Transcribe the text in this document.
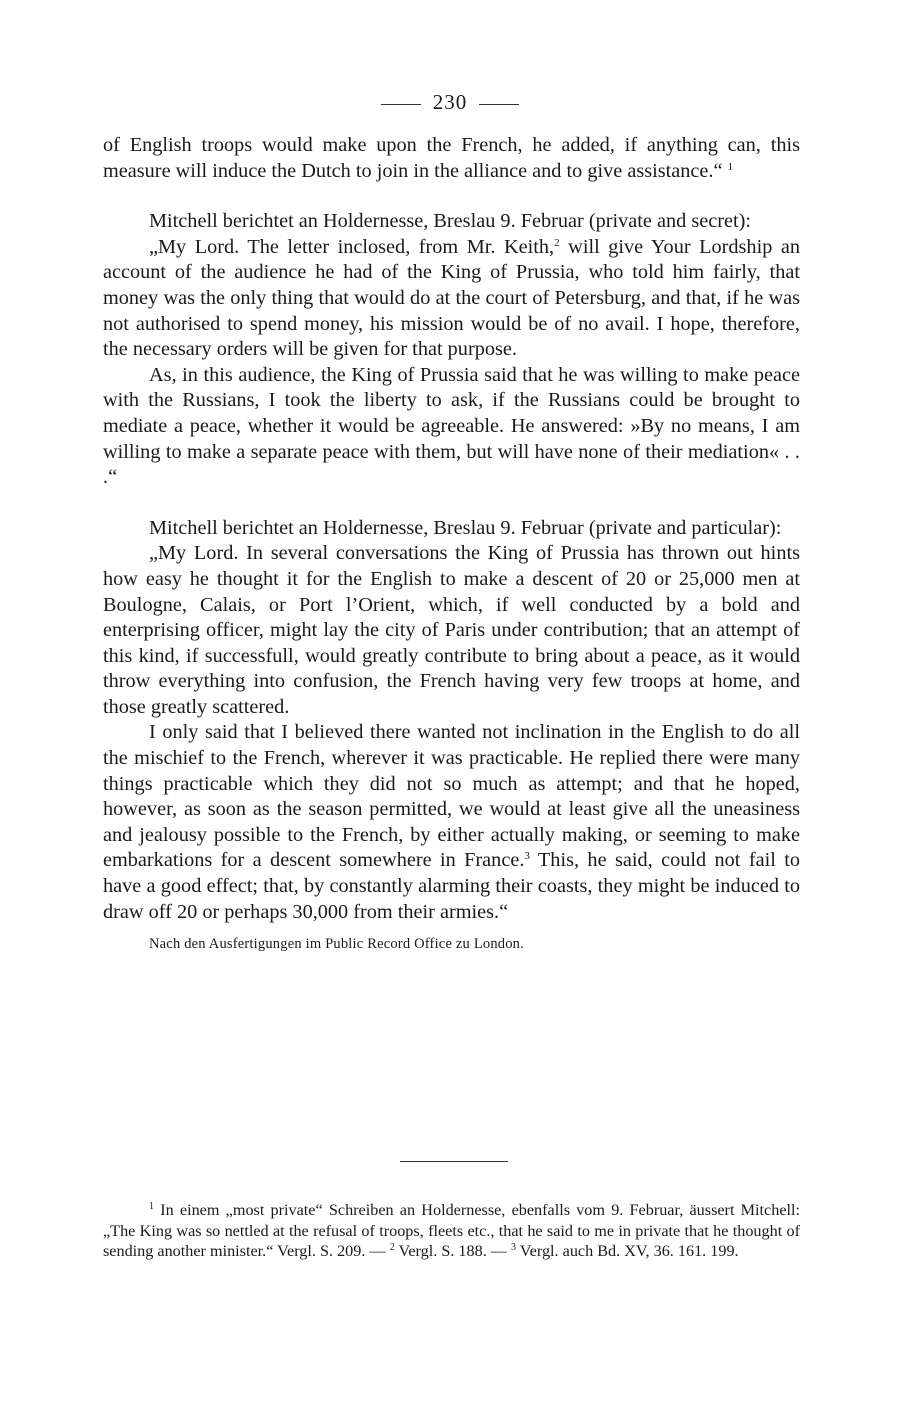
230

of English troops would make upon the French, he added, if anything can, this measure will induce the Dutch to join in the alliance and to give assistance.“ $^1$

Mitchell berichtet an Holdernesse, Breslau 9. Februar (private and secret):

„My Lord. The letter inclosed, from Mr. Keith,$^2$ will give Your Lordship an account of the audience he had of the King of Prussia, who told him fairly, that money was the only thing that would do at the court of Petersburg, and that, if he was not authorised to spend money, his mission would be of no avail. I hope, therefore, the necessary orders will be given for that purpose.

As, in this audience, the King of Prussia said that he was willing to make peace with the Russians, I took the liberty to ask, if the Russians could be brought to mediate a peace, whether it would be agreeable. He answered: »By no means, I am willing to make a separate peace with them, but will have none of their mediation« . . .“

Mitchell berichtet an Holdernesse, Breslau 9. Februar (private and particular):

„My Lord. In several conversations the King of Prussia has thrown out hints how easy he thought it for the English to make a descent of 20 or 25,000 men at Boulogne, Calais, or Port l’Orient, which, if well conducted by a bold and enterprising officer, might lay the city of Paris under contribution; that an attempt of this kind, if successfull, would greatly contribute to bring about a peace, as it would throw everything into confusion, the French having very few troops at home, and those greatly scattered.

I only said that I believed there wanted not inclination in the English to do all the mischief to the French, wherever it was practicable. He replied there were many things practicable which they did not so much as attempt; and that he hoped, however, as soon as the season permitted, we would at least give all the uneasiness and jealousy possible to the French, by either actually making, or seeming to make embarkations for a descent somewhere in France.$^3$ This, he said, could not fail to have a good effect; that, by constantly alarming their coasts, they might be induced to draw off 20 or perhaps 30,000 from their armies.“

Nach den Ausfertigungen im Public Record Office zu London.

$^1$ In einem „most private“ Schreiben an Holdernesse, ebenfalls vom 9. Februar, äussert Mitchell: „The King was so nettled at the refusal of troops, fleets etc., that he said to me in private that he thought of sending another minister.“ Vergl. S. 209. — $^2$ Vergl. S. 188. — $^3$ Vergl. auch Bd. XV, 36. 161. 199.
